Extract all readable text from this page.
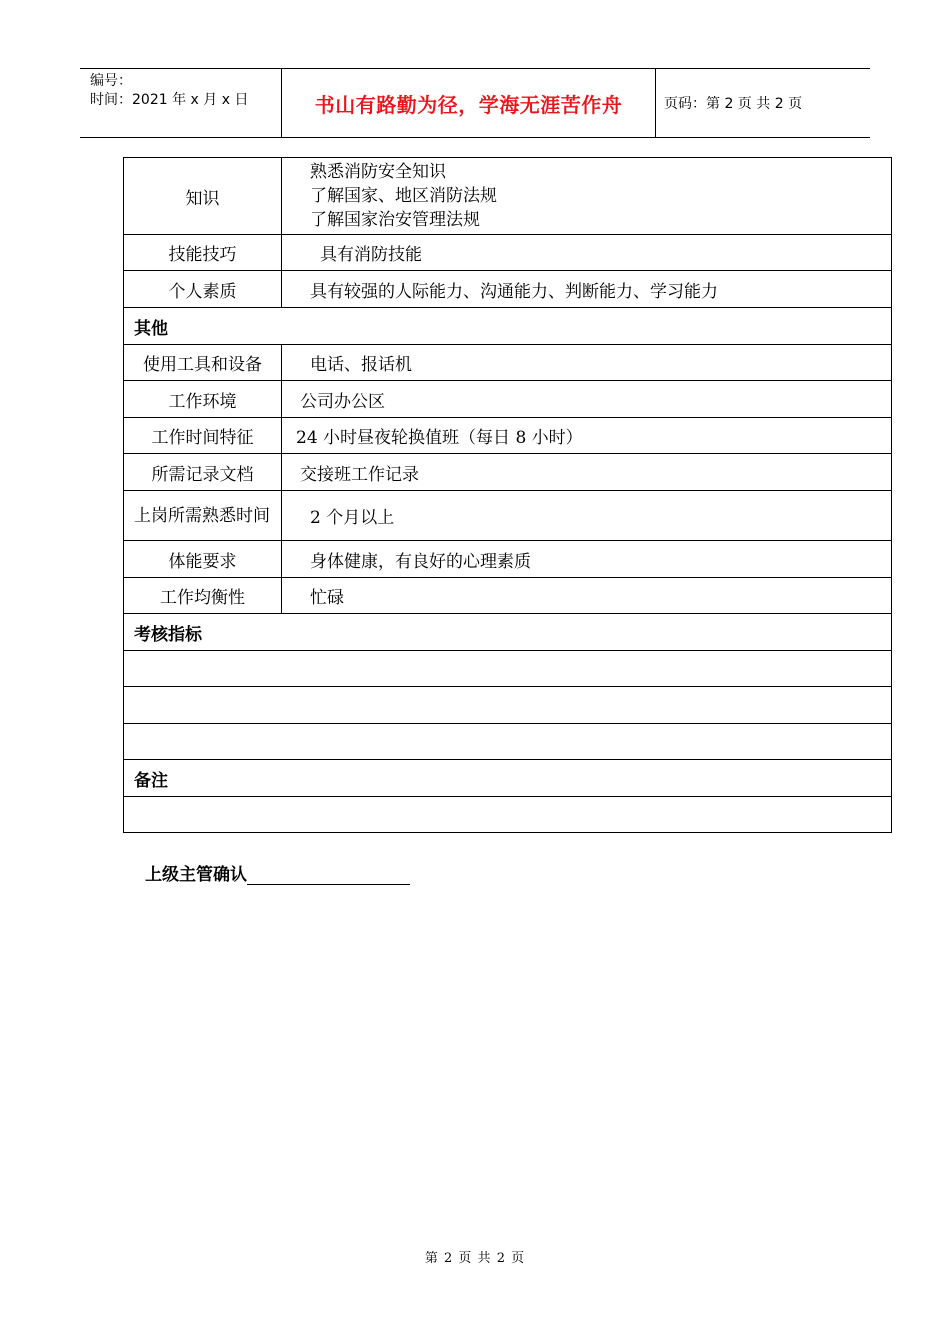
编号：
时间：2021 年 x 月 x 日	书山有路勤为径，学海无涯苦作舟	页码：第 2 页 共 2 页
知识	熟悉消防安全知识
了解国家、地区消防法规
了解国家治安管理法规

技能技巧	具有消防技能
个人素质	具有较强的人际能力、沟通能力、判断能力、学习能力
其他	
使用工具和设备	电话、报话机
工作环境	公司办公区
工作时间特征	24 小时昼夜轮换值班（每日 8 小时）
所需记录文档	交接班工作记录
上岗所需熟悉时间	2 个月以上
体能要求	身体健康，有良好的心理素质
工作均衡性	忙碌
考核指标	

备注	

上级主管确认
第 2 页 共 2 页
